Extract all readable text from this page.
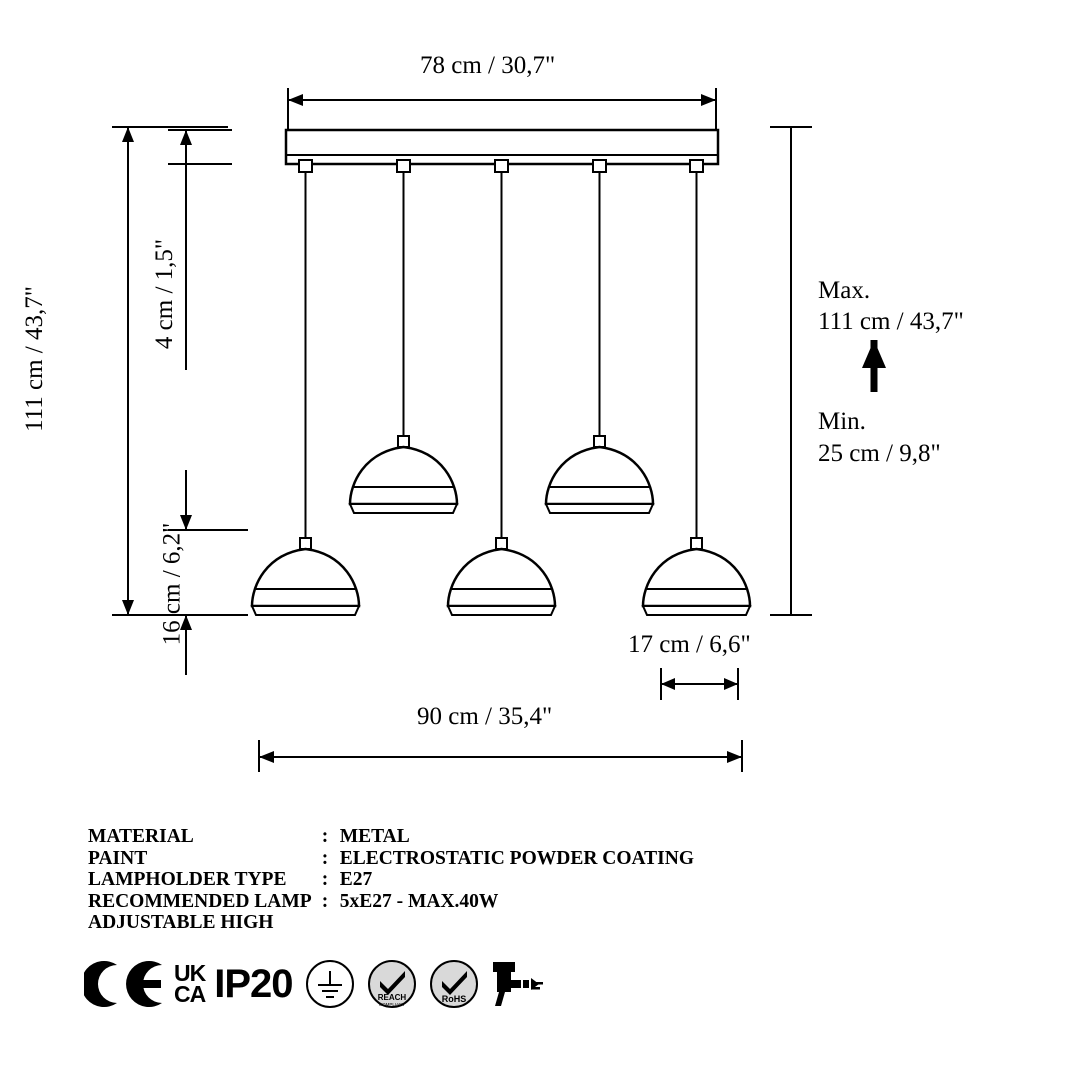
78 cm / 30,7"
90 cm / 35,4"
17 cm / 6,6"
111 cm / 43,7"	4 cm / 1,5"
16 cm / 6,2"
Max.
111 cm / 43,7"
Min.
25 cm / 9,8"
MATERIAL	:	METAL
PAINT	:	ELECTROSTATIC POWDER COATING
LAMPHOLDER TYPE	:	E27
RECOMMENDED LAMP	:	5xE27 - MAX.40W
ADJUSTABLE HIGH		
UK
CA IP20	REACH
COMPLIANT
RoHS
